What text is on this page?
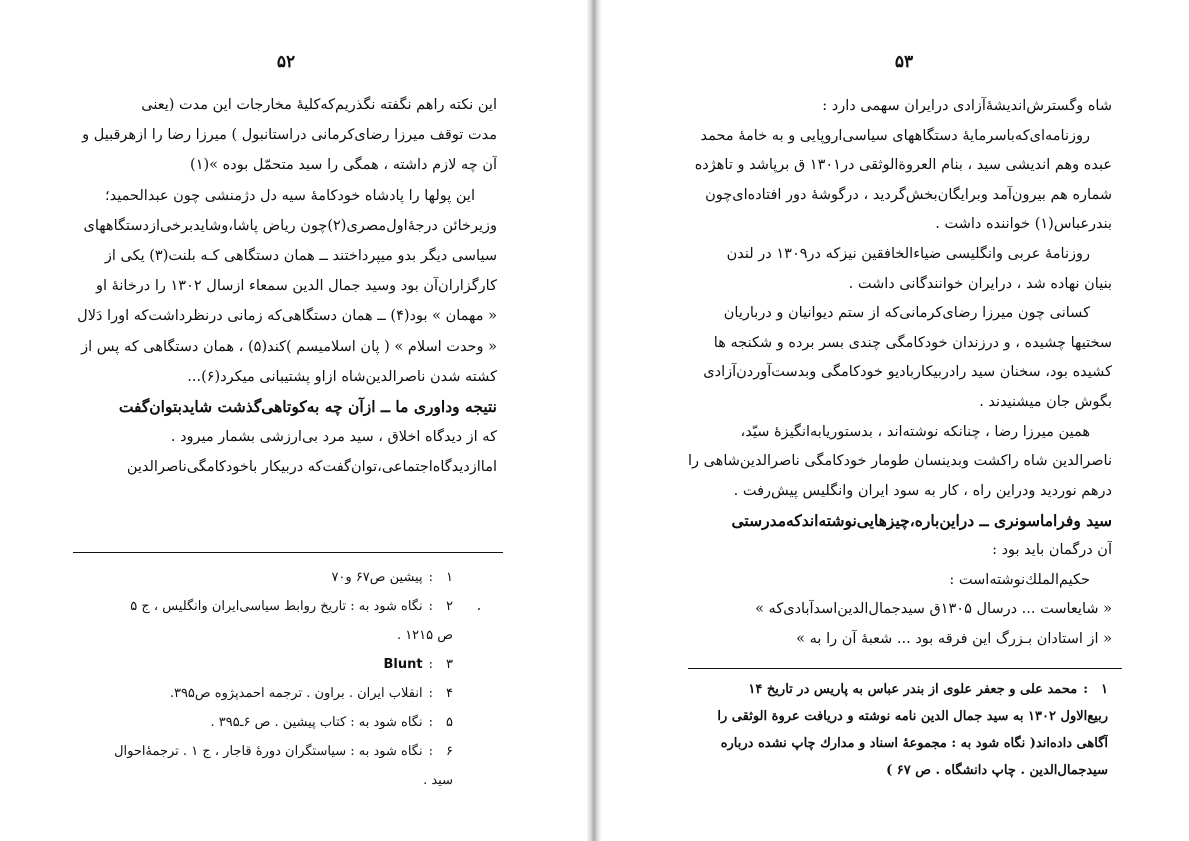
۵۲
این نکته راهم نگفته نگذریم‌که‌کلیهٔ مخارجات این مدت (یعنی
مدت توقف میرزا رضای‌کرمانی دراستانبول ) میرزا رضا را ازهرقبیل و
آن چه لازم داشته ، همگی را سید متحمّل بوده »(۱)
این پولها را پادشاه خودکامهٔ سیه دل دژمنشی چون عبدالحمید؛
وزیرخائن درجهٔ‌اول‌مصری(۲)چون ریاض پاشا،وشایدبرخی‌ازدستگاههای
سیاسی دیگر بدو میپرداختند ــ همان دستگاهی کـه بلنت(۳) یکی از
کارگزاران‌آن بود وسید جمال الدین سمعاء ازسال ۱۳۰۲ را درخانهٔ او
« مهمان » بود(۴) ــ همان دستگاهی‌که زمانی درنظرداشت‌که اورا دَلال
« وحدت اسلام » ( پان اسلامیسم )کند(۵) ، همان دستگاهی که پس از
کشته شدن ناصرالدین‌شاه ازاو پشتیبانی میکرد(۶)...
نتیجه وداوری ما ــ ازآن چه به‌کوتاهی‌گذشت شایدبتوان‌گفت
که از دیدگاه اخلاق ، سید مرد بی‌ارزشی بشمار میرود .
امااز‌دیدگاه‌اجتماعی،توان‌گفت‌که دربیکار باخودکامگی‌ناصرالدین
۱:پیشین ص۶۷ و۷۰
۲:نگاه شود به : تاریخ روابط سیاسی‌ایران وانگلیس ، ج ۵
ص ۱۲۱۵ .
۳:Blunt
۴:انقلاب ایران . براون . ترجمه احمدپژوه ص۳۹۵.
۵:نگاه شود به : کتاب پیشین . ص ۶ـ۳۹۵ .
۶:نگاه شود به : سیاستگران دورهٔ قاجار ، ج ۱ . ترجمهٔ‌احوال
سید .
۵۳
شاه وگسترش‌اندیشهٔ‌آزادی درایران سهمی دارد :
روزنامه‌ای‌که‌باسرمایهٔ دستگاههای سیاسی‌اروپایی و به خامهٔ محمد
عبده وهم اندیشی سید ، بنام العروةالوثقی در۱۳۰۱ ق برپاشد و تاهژده
شماره هم بیرون‌آمد وبرایگان‌بخش‌گردید ، درگوشهٔ دور افتاده‌ای‌چون
بندرعباس(۱) خواننده داشت .
روزنامهٔ عربی وانگلیسی ضیاءالخافقین نیزکه در۱۳۰۹ در لندن
بنیان نهاده شد ، درایران خوانندگانی داشت .
کسانی چون میرزا رضای‌کرمانی‌که از ستم دیوانیان و درباریان
سختیها چشیده ، و درزندان خودکامگی چندی بسر برده و شکنجه ها
کشیده بود، سخنان سید رادربیکارباديو خودکامگی وبدست‌آوردن‌آزادی
بگوش جان میشنیدند .
همین میرزا رضا ، چنانکه نوشته‌اند ، بدستوریابه‌انگیزهٔ سیّد،
ناصرالدین شاه راکشت وبدینسان طومار خودکامگی ناصرالدین‌شاهی را
درهم نوردید ودراین راه ، کار به سود ایران وانگلیس پیش‌رفت .
سید وفراماسونری ــ دراین‌باره،چیزهایی‌نوشته‌اندکه‌مدرستی
آن درگمان باید بود :
حکیم‌الملك‌نوشته‌است :
« شایعاست ... درسال ۱۳۰۵ق سیدجمال‌الدین‌اسدآبادی‌که »
« از استادان بـزرگ این فرقه بود ... شعبهٔ آن را به »
۱:محمد علی و جعفر علوی از بندر عباس به پاریس در تاریخ ۱۴
ربیع‌الاول ۱۳۰۲ به سید جمال الدین نامه نوشته و دریافت عروة الوثقی را
آگاهی داده‌اند( نگاه شود به : مجموعهٔ اسناد و مدارك چاپ نشده درباره
سیدجمال‌الدین . چاپ دانشگاه . ص ۶۷ )
